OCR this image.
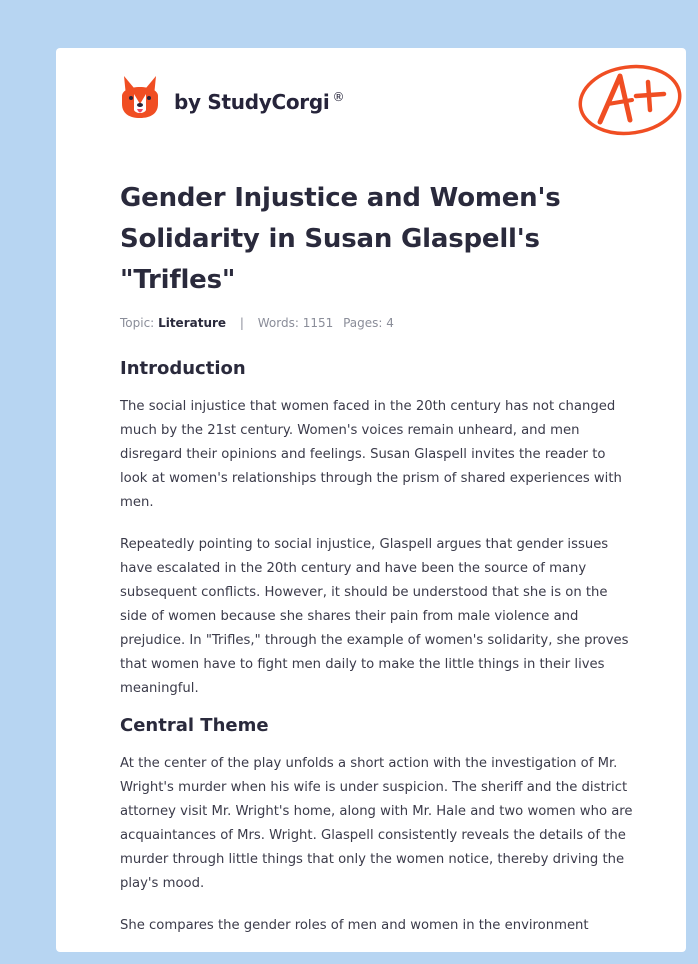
by StudyCorgi ®
Gender Injustice and Women's Solidarity in Susan Glaspell's "Trifles"
Topic: Literature | Words: 1151 Pages: 4
Introduction

The social injustice that women faced in the 20th century has not changed much by the 21st century. Women's voices remain unheard, and men disregard their opinions and feelings. Susan Glaspell invites the reader to look at women's relationships through the prism of shared experiences with men.

Repeatedly pointing to social injustice, Glaspell argues that gender issues have escalated in the 20th century and have been the source of many subsequent conflicts. However, it should be understood that she is on the side of women because she shares their pain from male violence and prejudice. In "Trifles," through the example of women's solidarity, she proves that women have to fight men daily to make the little things in their lives meaningful.

Central Theme

At the center of the play unfolds a short action with the investigation of Mr. Wright's murder when his wife is under suspicion. The sheriff and the district attorney visit Mr. Wright's home, along with Mr. Hale and two women who are acquaintances of Mrs. Wright. Glaspell consistently reveals the details of the murder through little things that only the women notice, thereby driving the play's mood.

She compares the gender roles of men and women in the environment
